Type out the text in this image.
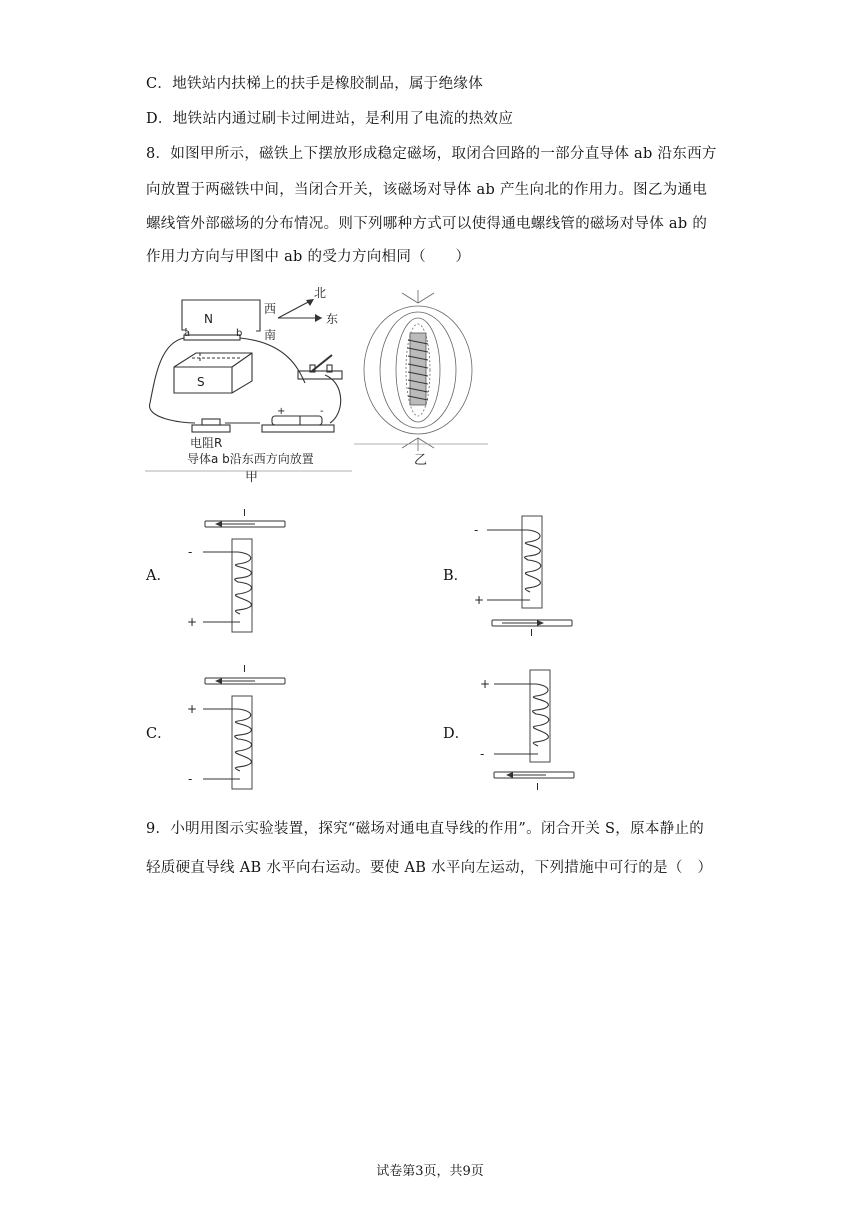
C．地铁站内扶梯上的扶手是橡胶制品，属于绝缘体
D．地铁站内通过刷卡过闸进站，是利用了电流的热效应
8．如图甲所示，磁铁上下摆放形成稳定磁场，取闭合回路的一部分直导体 ab 沿东西方
向放置于两磁铁中间，当闭合开关，该磁场对导体 ab 产生向北的作用力。图乙为通电
螺线管外部磁场的分布情况。则下列哪种方式可以使得通电螺线管的磁场对导体 ab 的
作用力方向与甲图中 ab 的受力方向相同（　　）
N
S
a	b
北
西
南
东
+	-
电阻R
导体a b沿东西方向放置
甲
乙
A．
I
-
+
B．
-
+
I
C．
I
+
-
D．
+
-
I
9．小明用图示实验装置，探究“磁场对通电直导线的作用”。闭合开关 S，原本静止的
轻质硬直导线 AB 水平向右运动。要使 AB 水平向左运动，下列措施中可行的是（　）
试卷第3页，共9页
